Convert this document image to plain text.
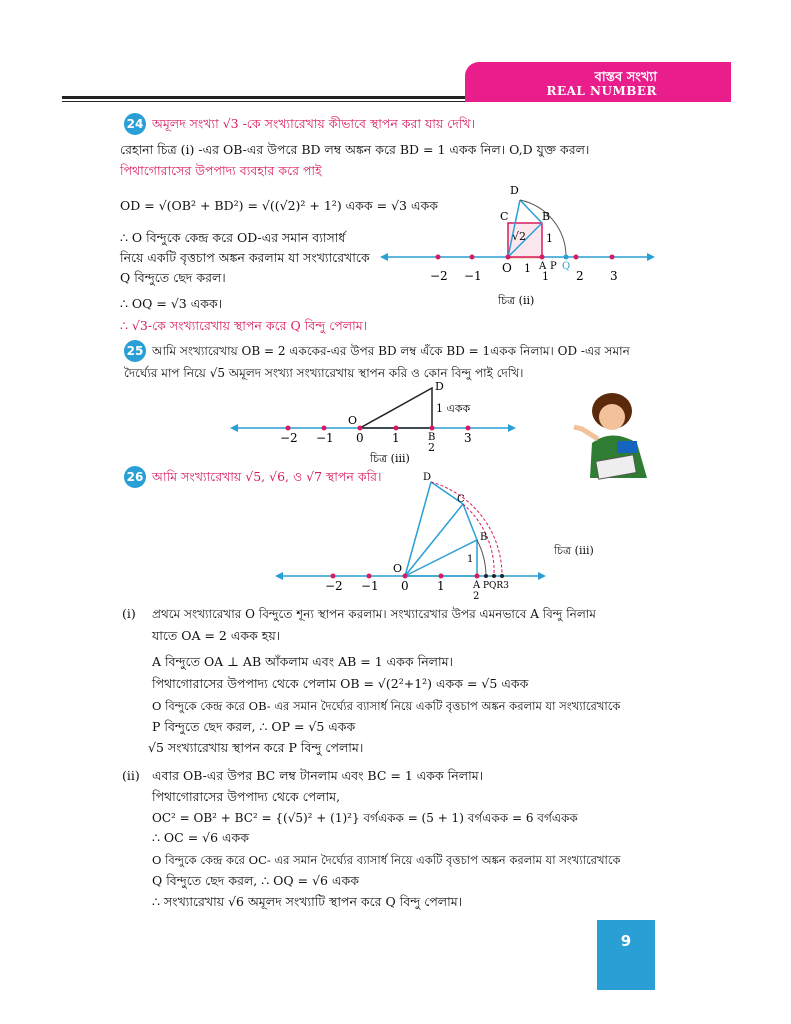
বাস্তব সংখ্যা
REAL NUMBER
24 অমূলদ সংখ্যা √3 -কে সংখ্যারেখায় কীভাবে স্থাপন করা যায় দেখি।
রেহানা চিত্র (i) -এর OB-এর উপরে BD লম্ব অঙ্কন করে BD = 1 একক নিল। O,D যুক্ত করল।
পিথাগোরাসের উপপাদ্য ব্যবহার করে পাই
OD = √(OB² + BD²) = √((√2)² + 1²) একক = √3 একক
∴ O বিন্দুকে কেন্দ্র করে OD-এর সমান ব্যাসার্ধ
নিয়ে একটি বৃত্তচাপ অঙ্কন করলাম যা সংখ্যারেখাকে
Q বিন্দুতে ছেদ করল।
∴ OQ = √3 একক।
∴ √3-কে সংখ্যারেখায় স্থাপন করে Q বিন্দু পেলাম।
−2 −1
O 1 A P Q
1 2 3
D
C	B
√2 1
চিত্র (ii)
25 আমি সংখ্যারেখায় OB = 2 এককের-এর উপর BD লম্ব এঁকে BD = 1একক নিলাম। OD -এর সমান
দৈর্ঘ্যের মাপ নিয়ে √5 অমূলদ সংখ্যা সংখ্যারেখায় স্থাপন করি ও কোন বিন্দু পাই দেখি।
O
D
1 একক
−2 −1 0 1	B
2
3
চিত্র (iii)
26 আমি সংখ্যারেখায় √5, √6, ও √7 স্থাপন করি।	D
C
B
1
O
−2 −1 0 1	A
2
PQR3
চিত্র (iii)
(i) প্রথমে সংখ্যারেখার O বিন্দুতে শূন্য স্থাপন করলাম। সংখ্যারেখার উপর এমনভাবে A বিন্দু নিলাম
যাতে OA = 2 একক হয়।
A বিন্দুতে OA ⊥ AB আঁকলাম এবং AB = 1 একক নিলাম।
পিথাগোরাসের উপপাদ্য থেকে পেলাম OB = √(2²+1²) একক = √5 একক
O বিন্দুকে কেন্দ্র করে OB- এর সমান দৈর্ঘ্যের ব্যাসার্ধ নিয়ে একটি বৃত্তচাপ অঙ্কন করলাম যা সংখ্যারেখাকে
P বিন্দুতে ছেদ করল, ∴ OP = √5 একক
√5 সংখ্যারেখায় স্থাপন করে P বিন্দু পেলাম।
(ii) এবার OB-এর উপর BC লম্ব টানলাম এবং BC = 1 একক নিলাম।
পিথাগোরাসের উপপাদ্য থেকে পেলাম,
OC² = OB² + BC² = {(√5)² + (1)²} বর্গএকক = (5 + 1) বর্গএকক = 6 বর্গএকক
∴ OC = √6 একক
O বিন্দুকে কেন্দ্র করে OC- এর সমান দৈর্ঘ্যের ব্যাসার্ধ নিয়ে একটি বৃত্তচাপ অঙ্কন করলাম যা সংখ্যারেখাকে
Q বিন্দুতে ছেদ করল, ∴ OQ = √6 একক
∴ সংখ্যারেখায় √6 অমূলদ সংখ্যাটি স্থাপন করে Q বিন্দু পেলাম।
9
